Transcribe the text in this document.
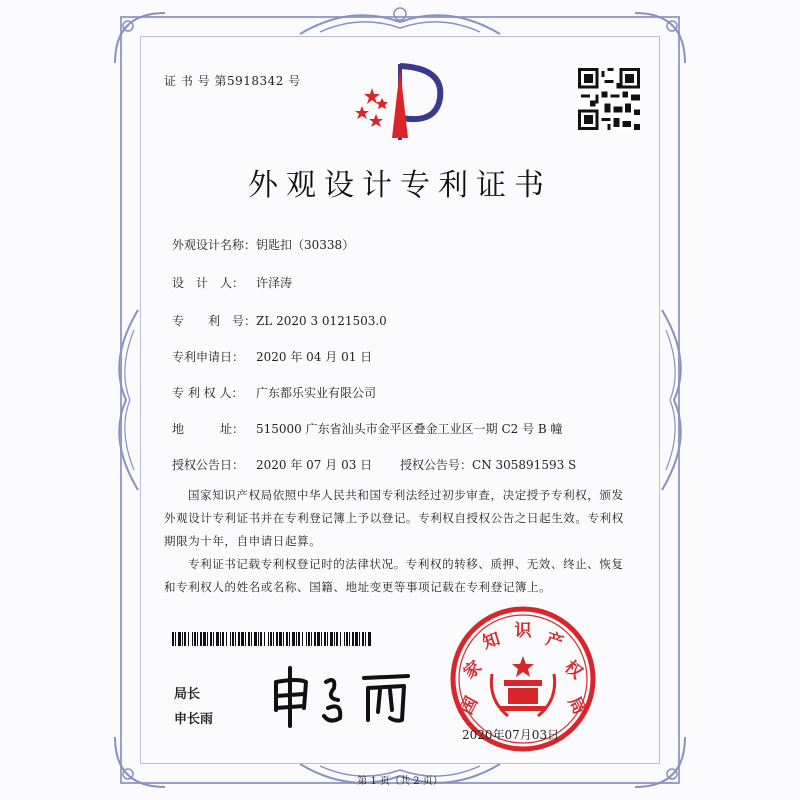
证 书 号 第5918342 号
外观设计专利证书
外观设计名称：钥匙扣（30338）
设　计　人： 许泽涛
专　　利　号：ZL 2020 3 0121503.0
专利申请日： 2020 年 04 月 01 日
专 利 权 人： 广东都乐实业有限公司
地　　　址： 515000 广东省汕头市金平区叠金工业区一期 C2 号 B 幢
授权公告日： 2020 年 07 月 03 日 授权公告号：CN 305891593 S

国家知识产权局依照中华人民共和国专利法经过初步审查，决定授予专利权，颁发外观设计专利证书并在专利登记簿上予以登记。专利权自授权公告之日起生效。专利权期限为十年，自申请日起算。

专利证书记载专利权登记时的法律状况。专利权的转移、质押、无效、终止、恢复和专利权人的姓名或名称、国籍、地址变更等事项记载在专利登记簿上。

局长
申长雨
国
家
知 识 产
权
局
2020年07月03日
第 1 页（共 2 页）
